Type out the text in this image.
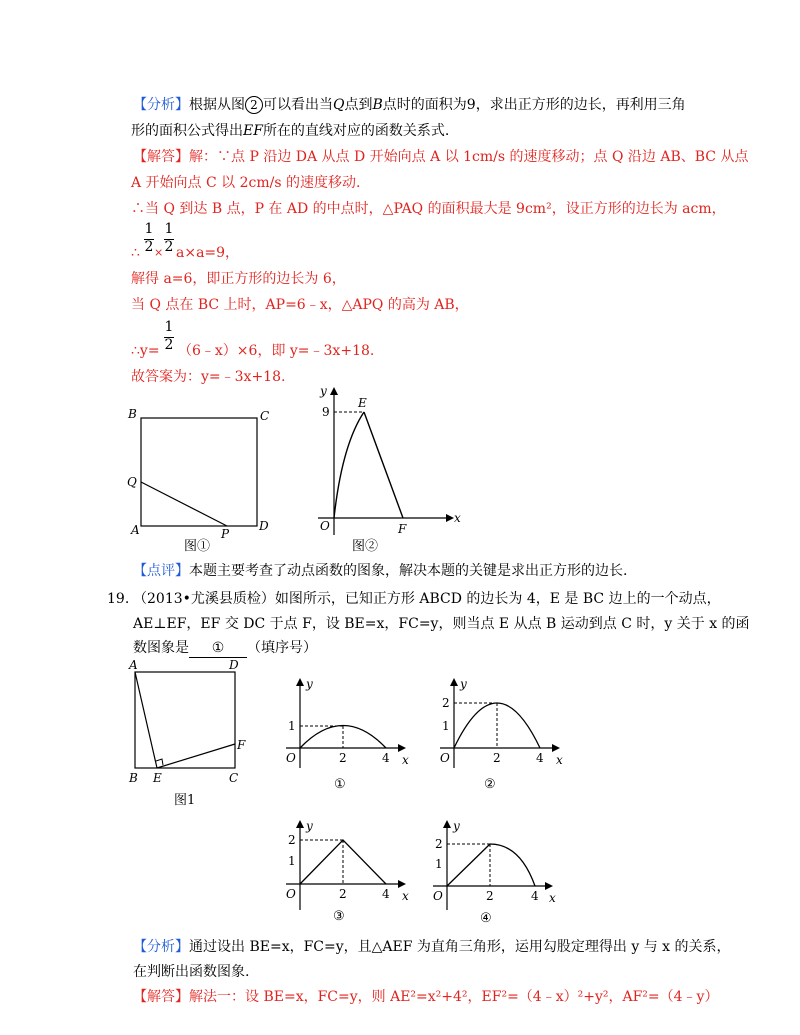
【分析】根据从图 2 可以看出当Q点到B点时的面积为9，求出正方形的边长，再利用三角
形的面积公式得出EF所在的直线对应的函数关系式.
【解答】解：∵点 P 沿边 DA 从点 D 开始向点 A 以 1cm/s 的速度移动；点 Q 沿边 AB、BC 从点
A 开始向点 C 以 2cm/s 的速度移动.
∴当 Q 到达 B 点，P 在 AD 的中点时，△PAQ 的面积最大是 9cm²，设正方形的边长为 acm，
1
2
1
2
∴ × a×a=9，
解得 a=6，即正方形的边长为 6，
当 Q 点在 BC 上时，AP=6﹣x，△APQ 的高为 AB，
1
2
∴y= （6﹣x）×6，即 y=﹣3x+18.
故答案为：y=﹣3x+18.
B	C
Q
A	P
D
图①
y
9
E
O	F
x
图②
【点评】本题主要考查了动点函数的图象，解决本题的关键是求出正方形的边长.
19. （2013•尤溪县质检）如图所示，已知正方形 ABCD 的边长为 4，E 是 BC 边上的一个动点，
AE⊥EF，EF 交 DC 于点 F，设 BE=x，FC=y，则当点 E 从点 B 运动到点 C 时，y 关于 x 的函
数图象是 ① （填序号）
A	D
F
B E	C
图1
y
1
O	2	4 x
①
y
2
1
O	2	4 x
②
y
2
1
O	2	4 x
③
y
2
1
O	2	4 x
④
【分析】通过设出 BE=x，FC=y，且△AEF 为直角三角形，运用勾股定理得出 y 与 x 的关系，
在判断出函数图象.
【解答】解法一：设 BE=x，FC=y，则 AE²=x²+4²，EF²=（4﹣x）²+y²，AF²=（4﹣y）
